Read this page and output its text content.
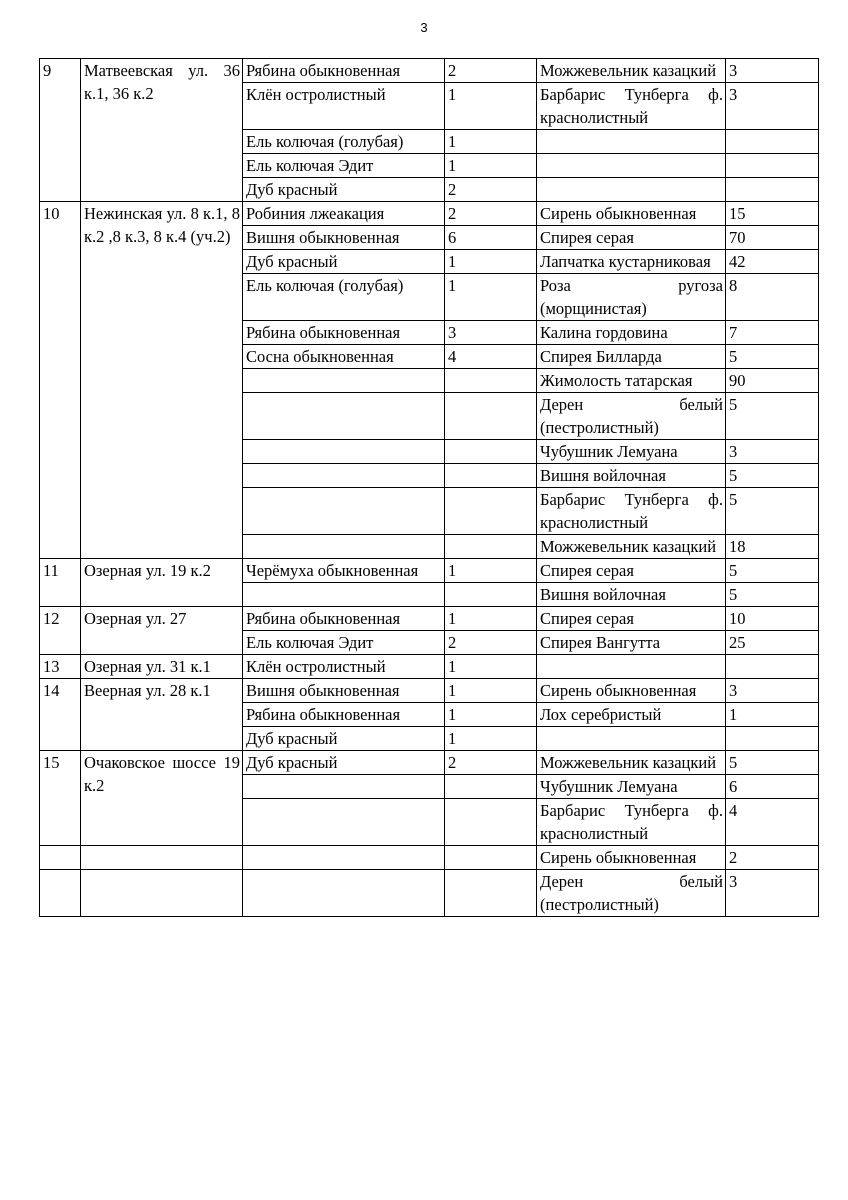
3
9	Матвеевская ул. 36 к.1, 36 к.2	Рябина обыкновенная	2	Можжевельник казацкий	3
		Клён остролистный	1	Барбарис Тунберга ф. краснолистный	3
		Ель колючая (голубая)	1		
		Ель колючая Эдит	1		
		Дуб красный	2		
10	Нежинская ул. 8 к.1, 8 к.2 ,8 к.3, 8 к.4 (уч.2)	Робиния лжеакация	2	Сирень обыкновенная	15
		Вишня обыкновенная	6	Спирея серая	70
		Дуб красный	1	Лапчатка кустарниковая	42
		Ель колючая (голубая)	1	Роза ругоза (морщинистая)	8
		Рябина обыкновенная	3	Калина гордовина	7
		Сосна обыкновенная	4	Спирея Билларда	5
				Жимолость татарская	90
				Дерен белый (пестролистный)	5
				Чубушник Лемуана	3
				Вишня войлочная	5
				Барбарис Тунберга ф. краснолистный	5
				Можжевельник казацкий	18
11	Озерная ул. 19 к.2	Черёмуха обыкновенная	1	Спирея серая	5
				Вишня войлочная	5
12	Озерная ул. 27	Рябина обыкновенная	1	Спирея серая	10
		Ель колючая Эдит	2	Спирея Вангутта	25
13	Озерная ул. 31 к.1	Клён остролистный	1		
14	Веерная ул. 28 к.1	Вишня обыкновенная	1	Сирень обыкновенная	3
		Рябина обыкновенная	1	Лох серебристый	1
		Дуб красный	1		
15	Очаковское шоссе 19 к.2	Дуб красный	2	Можжевельник казацкий	5
				Чубушник Лемуана	6
				Барбарис Тунберга ф. краснолистный	4
				Сирень обыкновенная	2
				Дерен белый (пестролистный)	3
